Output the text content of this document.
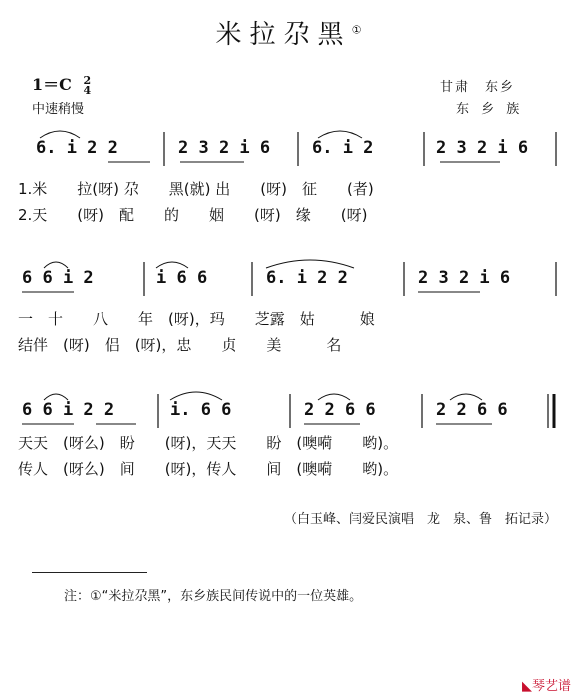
米拉尕黑①
1＝C 2
4
中速稍慢
甘肃　东乡
东 乡 族
6. i 2 2	2 3 2 i 6 6. i 2	2 3 2 i 6
1.米　　拉(呀) 尕　　黑(就) 出　　(呀)　征　　(者)
2.天　　(呀)　配　　的　　姻　　(呀)　缘　　(呀)
6 6 i 2	i 6 6	6. i 2 2	2 3 2 i 6
一　十　　八　　年　(呀)，玛　　芝露　姑　　　娘
结伴　(呀)　侣　(呀)，忠　　贞　　美　　　名
6 6 i 2 2	i. 6 6	2 2 6 6	2 2 6 6
天天　(呀么)　盼　　(呀)，天天　　盼　(噢嗬　　哟)。
传人　(呀么)　间　　(呀)，传人　　间　(噢嗬　　哟)。
（白玉峰、闫爱民演唱　龙　泉、鲁　拓记录）
注：①“米拉尕黑”，东乡族民间传说中的一位英雄。
◣琴艺谱
